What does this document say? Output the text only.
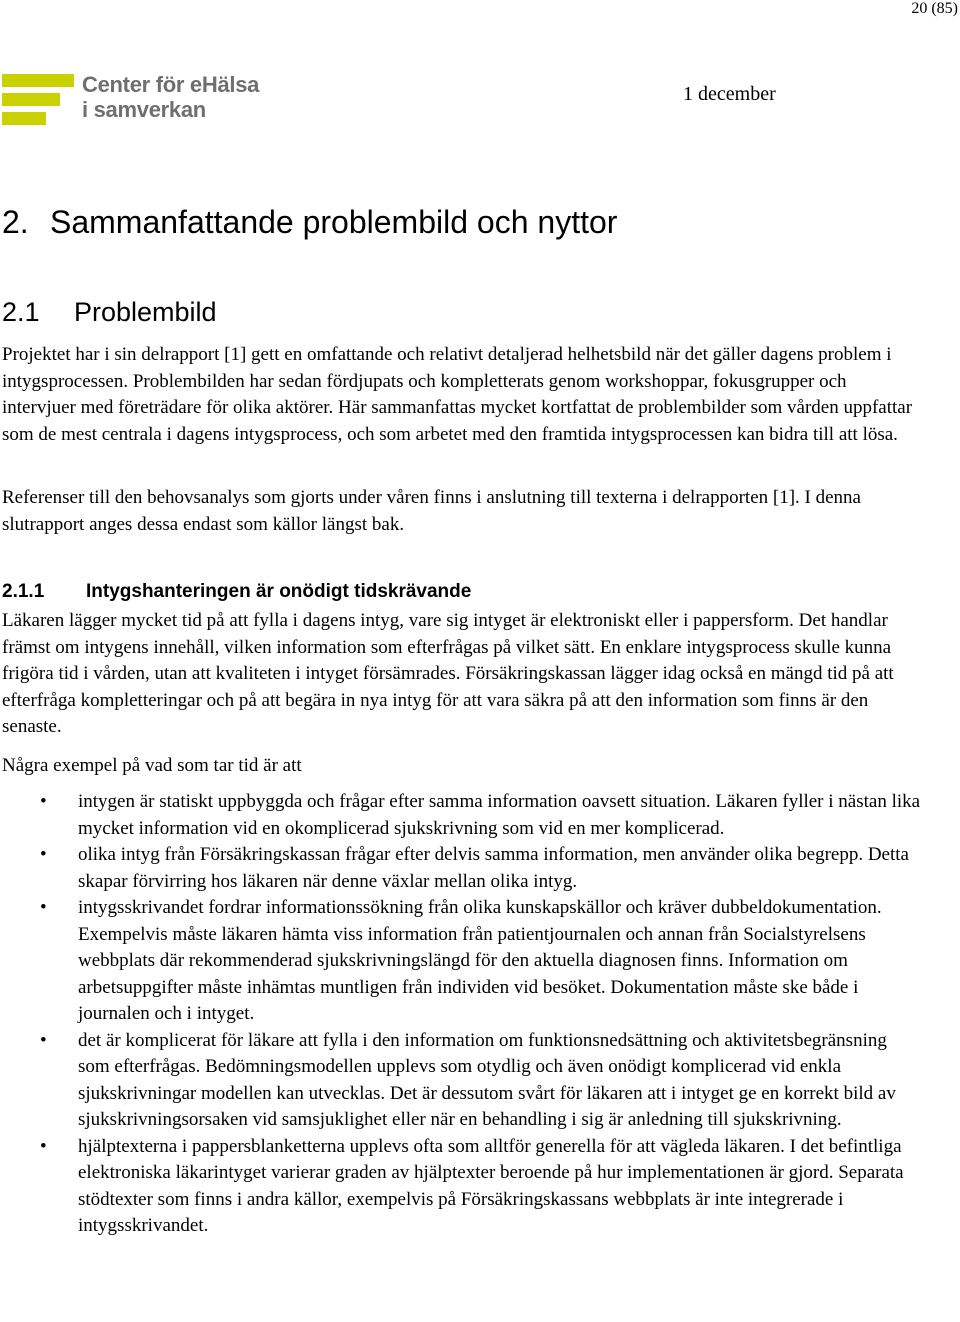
20 (85)
Center för eHälsa
i samverkan
1 december
2. Sammanfattande problembild och nyttor
2.1 Problembild

Projektet har i sin delrapport [1] gett en omfattande och relativt detaljerad helhetsbild när det gäller dagens problem i intygsprocessen. Problembilden har sedan fördjupats och kompletterats genom workshoppar, fokusgrupper och intervjuer med företrädare för olika aktörer. Här sammanfattas mycket kortfattat de problembilder som vården uppfattar som de mest centrala i dagens intygsprocess, och som arbetet med den framtida intygsprocessen kan bidra till att lösa.

Referenser till den behovsanalys som gjorts under våren finns i anslutning till texterna i delrapporten [1]. I denna slutrapport anges dessa endast som källor längst bak.

2.1.1 Intygshanteringen är onödigt tidskrävande

Läkaren lägger mycket tid på att fylla i dagens intyg, vare sig intyget är elektroniskt eller i pappersform. Det handlar främst om intygens innehåll, vilken information som efterfrågas på vilket sätt. En enklare intygsprocess skulle kunna frigöra tid i vården, utan att kvaliteten i intyget försämrades. Försäkringskassan lägger idag också en mängd tid på att efterfråga kompletteringar och på att begära in nya intyg för att vara säkra på att den information som finns är den senaste.

Några exempel på vad som tar tid är att

• intygen är statiskt uppbyggda och frågar efter samma information oavsett situation. Läkaren fyller i nästan lika mycket information vid en okomplicerad sjukskrivning som vid en mer komplicerad.
• olika intyg från Försäkringskassan frågar efter delvis samma information, men använder olika begrepp. Detta skapar förvirring hos läkaren när denne växlar mellan olika intyg.
• intygsskrivandet fordrar informationssökning från olika kunskapskällor och kräver dubbeldokumentation. Exempelvis måste läkaren hämta viss information från patientjournalen och annan från Socialstyrelsens webbplats där rekommenderad sjukskrivningslängd för den aktuella diagnosen finns. Information om arbetsuppgifter måste inhämtas muntligen från individen vid besöket. Dokumentation måste ske både i journalen och i intyget.
• det är komplicerat för läkare att fylla i den information om funktionsnedsättning och aktivitetsbegränsning som efterfrågas. Bedömningsmodellen upplevs som otydlig och även onödigt komplicerad vid enkla sjukskrivningar modellen kan utvecklas. Det är dessutom svårt för läkaren att i intyget ge en korrekt bild av sjukskrivningsorsaken vid samsjuklighet eller när en behandling i sig är anledning till sjukskrivning.
• hjälptexterna i pappersblanketterna upplevs ofta som alltför generella för att vägleda läkaren. I det befintliga elektroniska läkarintyget varierar graden av hjälptexter beroende på hur implementationen är gjord. Separata stödtexter som finns i andra källor, exempelvis på Försäkringskassans webbplats är inte integrerade i intygsskrivandet.
